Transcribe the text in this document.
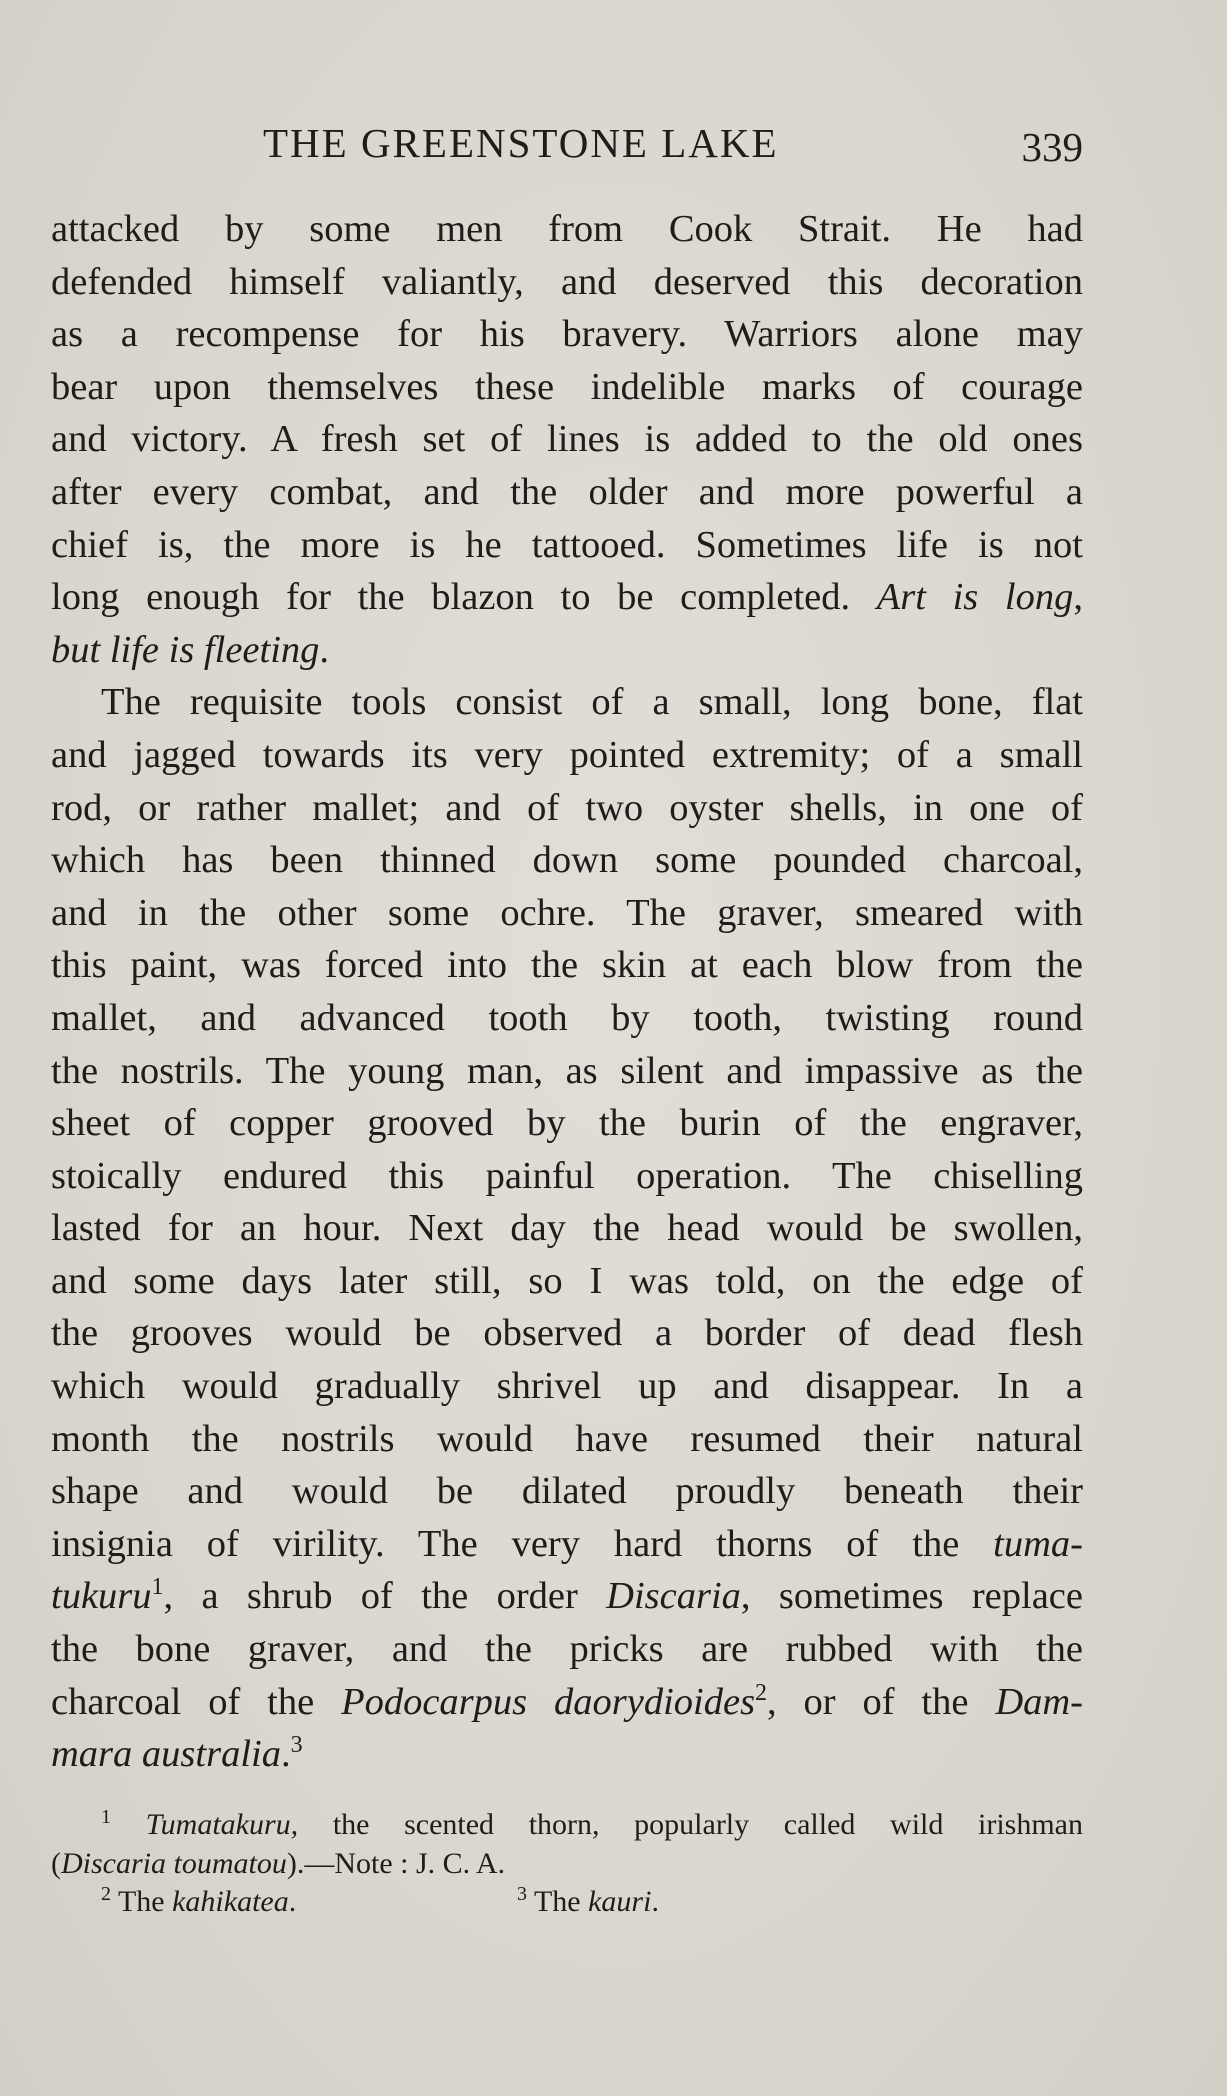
THE GREENSTONE LAKE	339
attacked by some men from Cook Strait. He had
defended himself valiantly, and deserved this decoration
as a recompense for his bravery. Warriors alone may
bear upon themselves these indelible marks of courage
and victory. A fresh set of lines is added to the old ones
after every combat, and the older and more powerful a
chief is, the more is he tattooed. Sometimes life is not
long enough for the blazon to be completed. Art is long,
but life is fleeting.
The requisite tools consist of a small, long bone, flat
and jagged towards its very pointed extremity; of a small
rod, or rather mallet; and of two oyster shells, in one of
which has been thinned down some pounded charcoal,
and in the other some ochre. The graver, smeared with
this paint, was forced into the skin at each blow from the
mallet, and advanced tooth by tooth, twisting round
the nostrils. The young man, as silent and impassive as the
sheet of copper grooved by the burin of the engraver,
stoically endured this painful operation. The chiselling
lasted for an hour. Next day the head would be swollen,
and some days later still, so I was told, on the edge of
the grooves would be observed a border of dead flesh
which would gradually shrivel up and disappear. In a
month the nostrils would have resumed their natural
shape and would be dilated proudly beneath their
insignia of virility. The very hard thorns of the tuma-
tukuru$^1$, a shrub of the order Discaria, sometimes replace
the bone graver, and the pricks are rubbed with the
charcoal of the Podocarpus daorydioides$^2$, or of the Dam-
mara australia.$^3$
$^1$ Tumatakuru, the scented thorn, popularly called wild irishman
(Discaria toumatou).—Note : J. C. A.
$^2$ The kahikatea.	$^3$ The kauri.
